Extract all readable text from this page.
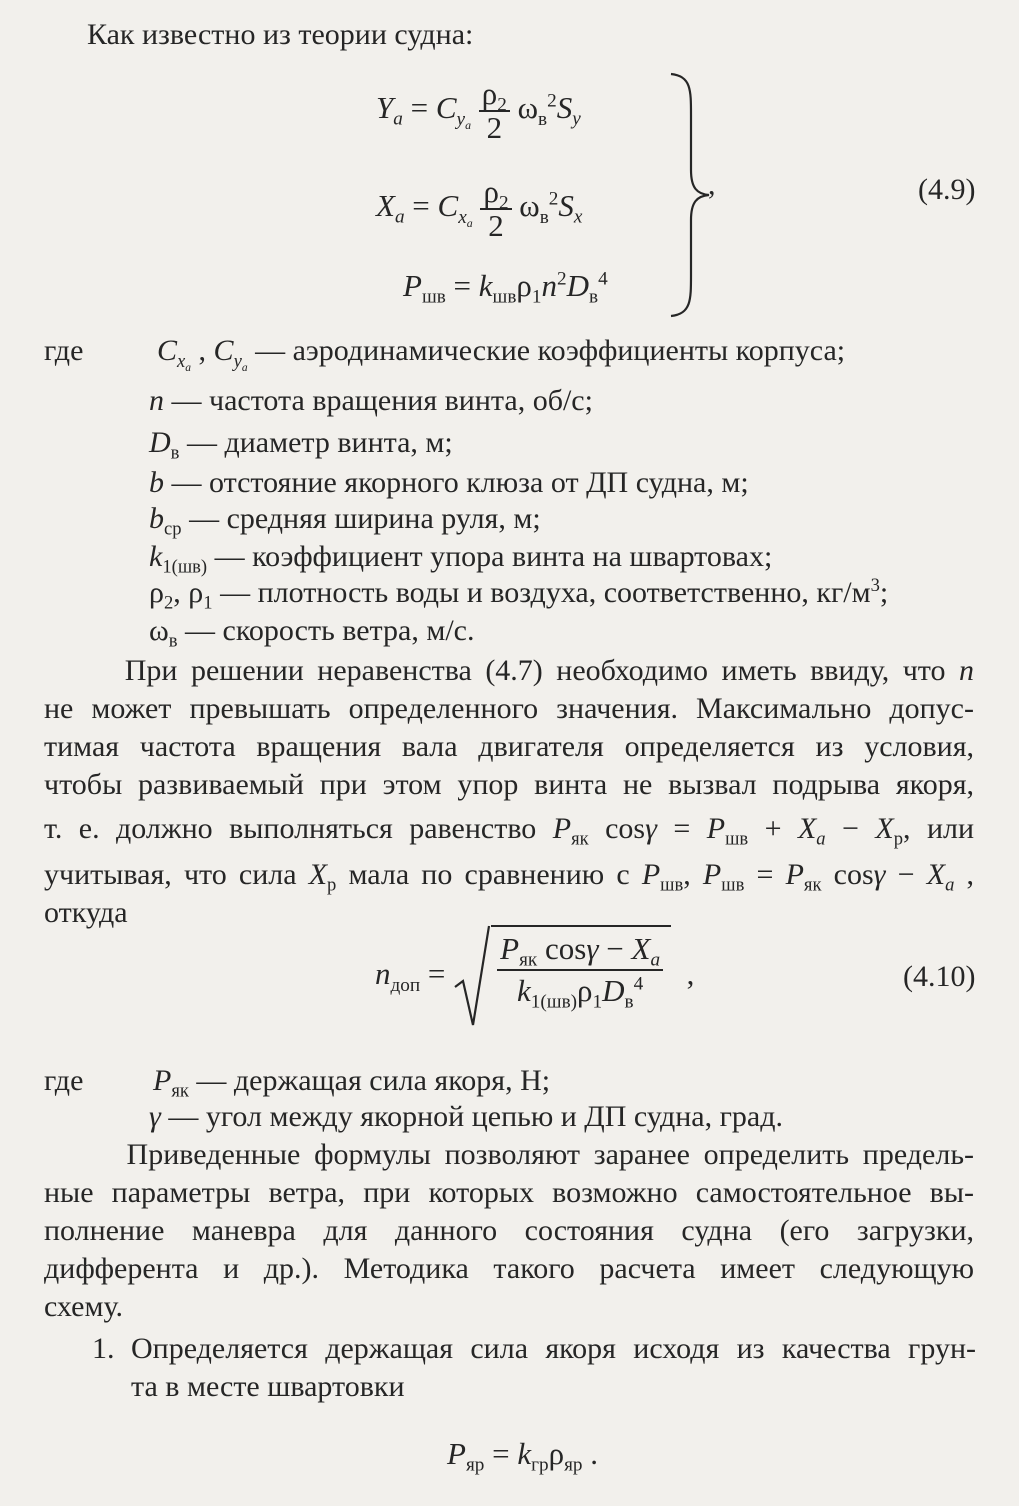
Как известно из теории судна:
$Y_a = C_{y_a} \frac{\rho_2}{2} \omega_в^2S_y$
$X_a = C_{x_a} \frac{\rho_2}{2} \omega_в^2S_x$
$P_{шв} = k_{шв}\rho_1n^2D_в^4$
,	(4.9)
где $C_{x_a}$ , $C_{y_a}$ — аэродинамические коэффициенты корпуса;
n — частота вращения винта, об/с;
$D_в$ — диаметр винта, м;
b — отстояние якорного клюза от ДП судна, м;
$b_{ср}$ — средняя ширина руля, м;
$k_{1(шв)}$ — коэффициент упора винта на швартовах;
$\rho_2$, $\rho_1$ — плотность воды и воздуха, соответственно, $кг/м^3$;
$\omega_в$ — скорость ветра, м/с.
При решении неравенства (4.7) необходимо иметь ввиду, что n
не может превышать определенного значения. Максимально допус-
тимая частота вращения вала двигателя определяется из условия,
чтобы развиваемый при этом упор винта не вызвал подрыва якоря,
т. е. должно выполняться равенство $P_{як}$ $\cos\gamma = P_{шв} + X_a - X_р$, или
учитывая, что сила $X_р$ мала по сравнению с $P_{шв}$, $P_{шв} = P_{як}$ $\cos\gamma - X_a$ ,
откуда
$n_{доп} = \frac{P_{як} \cos\gamma - X_a}{k_{1(шв)}\rho_1D_в^4}$ ,	(4.10)
где $P_{як}$ — держащая сила якоря, Н;
γ — угол между якорной цепью и ДП судна, град.
Приведенные формулы позволяют заранее определить предель-
ные параметры ветра, при которых возможно самостоятельное вы-
полнение маневра для данного состояния судна (его загрузки,
дифферента и др.). Методика такого расчета имеет следующую
схему.
1. Определяется держащая сила якоря исходя из качества грун-
та в месте швартовки
$P_{яр} = k_{гр}\rho_{яр}$ .
